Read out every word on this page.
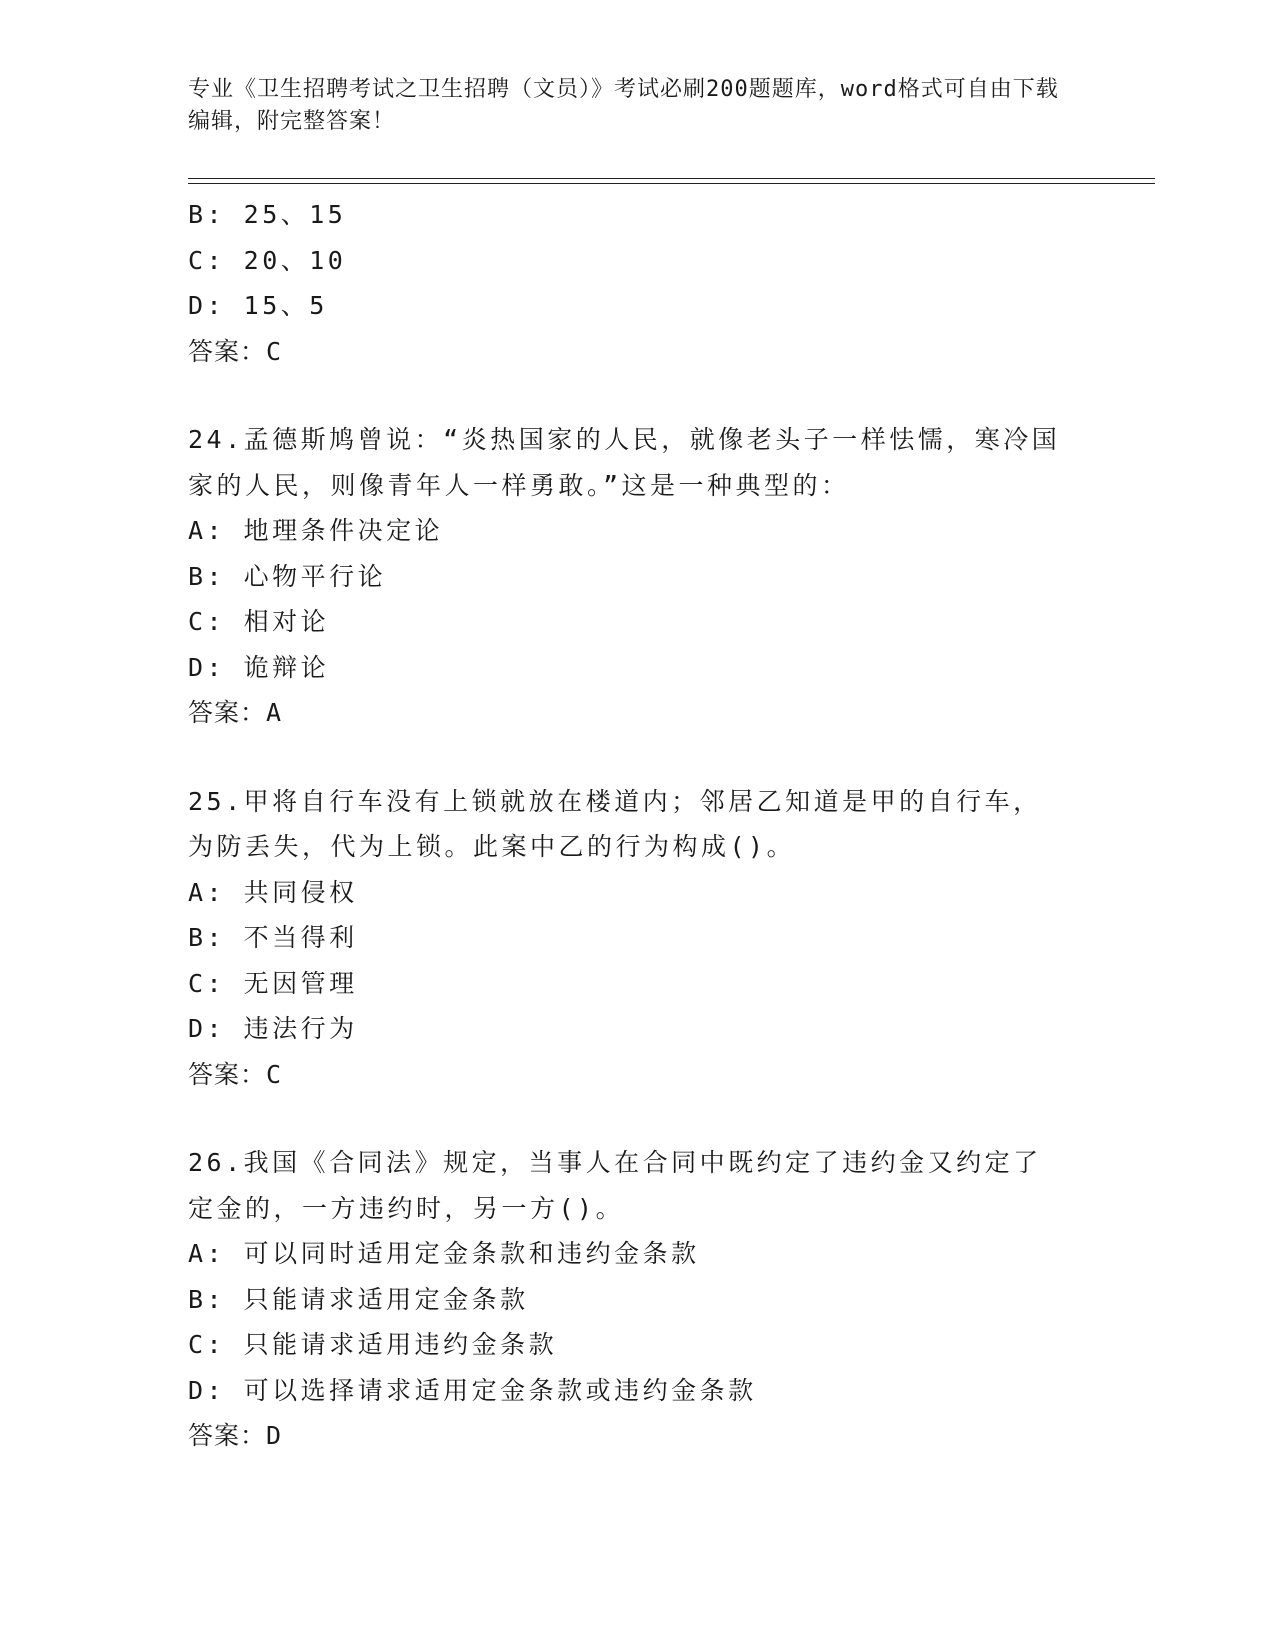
专业《卫生招聘考试之卫生招聘（文员）》考试必刷200题题库，word格式可自由下载编辑，附完整答案！
B: 25、15
C: 20、10
D: 15、5
答案：C
24.孟德斯鸠曾说：“炎热国家的人民，就像老头子一样怯懦，寒冷国家的人民，则像青年人一样勇敢。”这是一种典型的：
A: 地理条件决定论
B: 心物平行论
C: 相对论
D: 诡辩论
答案：A
25.甲将自行车没有上锁就放在楼道内；邻居乙知道是甲的自行车，为防丢失，代为上锁。此案中乙的行为构成()。
A: 共同侵权
B: 不当得利
C: 无因管理
D: 违法行为
答案：C
26.我国《合同法》规定，当事人在合同中既约定了违约金又约定了定金的，一方违约时，另一方()。
A: 可以同时适用定金条款和违约金条款
B: 只能请求适用定金条款
C: 只能请求适用违约金条款
D: 可以选择请求适用定金条款或违约金条款
答案：D
